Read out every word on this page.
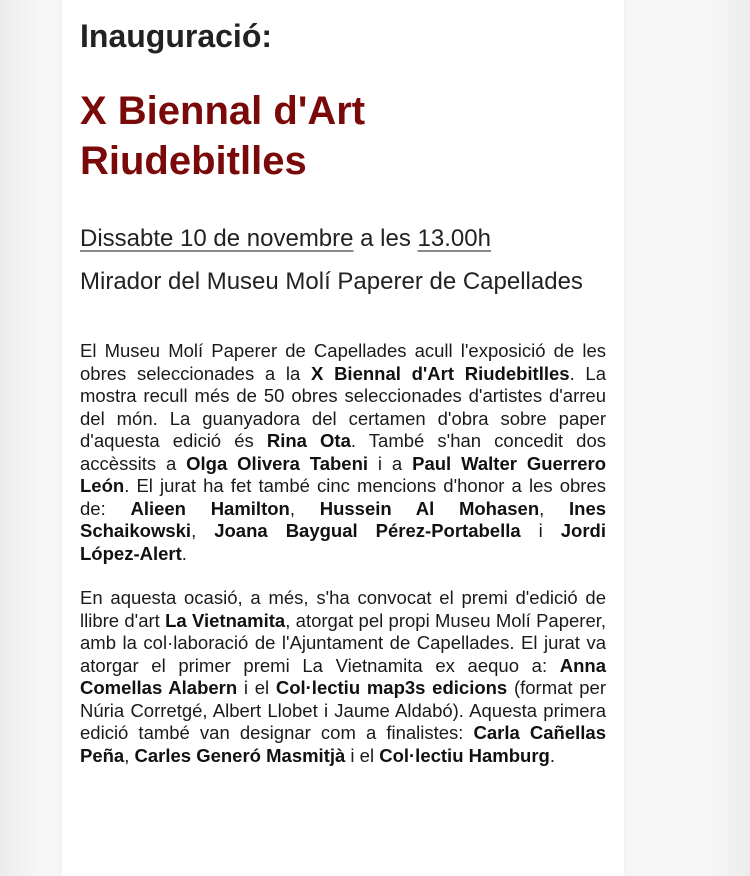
Inauguració:
X Biennal d'Art
Riudebitlles
Dissabte 10 de novembre a les 13.00h
Mirador del Museu Molí Paperer de Capellades

El Museu Molí Paperer de Capellades acull l'exposició de les obres seleccionades a la X Biennal d'Art Riudebitlles. La mostra recull més de 50 obres seleccionades d'artistes d'arreu del món. La guanyadora del certamen d'obra sobre paper d'aquesta edició és Rina Ota. També s'han concedit dos accèssits a Olga Olivera Tabeni i a Paul Walter Guerrero León. El jurat ha fet també cinc mencions d'honor a les obres de: Alieen Hamilton, Hussein Al Mohasen, Ines Schaikowski, Joana Baygual Pérez-Portabella i Jordi López-Alert.

En aquesta ocasió, a més, s'ha convocat el premi d'edició de llibre d'art La Vietnamita, atorgat pel propi Museu Molí Paperer, amb la col·laboració de l'Ajuntament de Capellades. El jurat va atorgar el primer premi La Vietnamita ex aequo a: Anna Comellas Alabern i el Col·lectiu map3s edicions (format per Núria Corretgé, Albert Llobet i Jaume Aldabó). Aquesta primera edició també van designar com a finalistes: Carla Cañellas Peña, Carles Generó Masmitjà i el Col·lectiu Hamburg.
